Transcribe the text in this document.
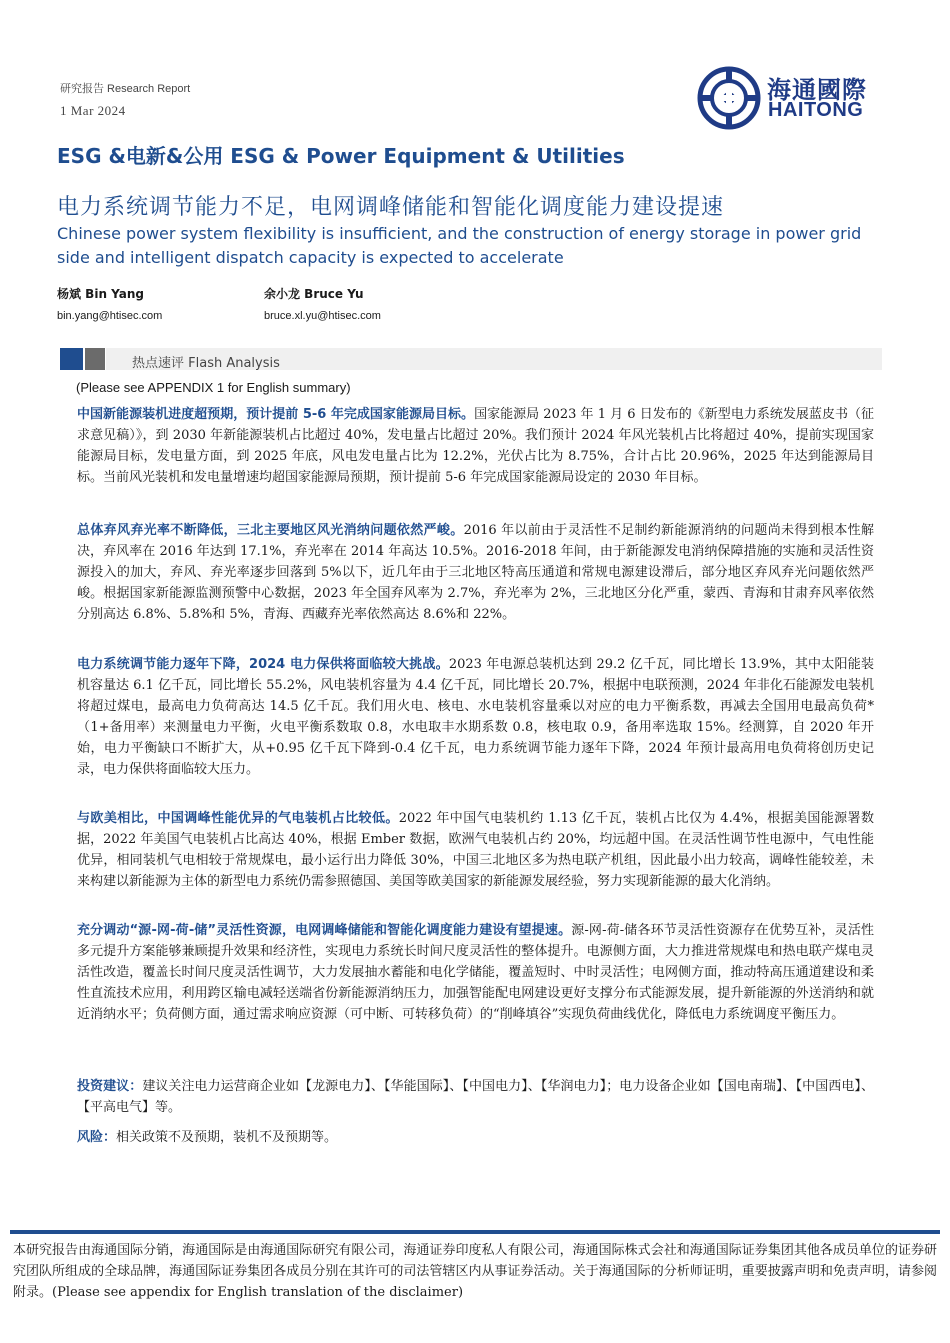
研究报告 Research Report
1 Mar 2024
海通國際
HAITONG
ESG &电新&公用 ESG & Power Equipment & Utilities
电力系统调节能力不足，电网调峰储能和智能化调度能力建设提速
Chinese power system flexibility is insufficient, and the construction of energy storage in power grid side and intelligent dispatch capacity is expected to accelerate
杨斌 Bin Yang
bin.yang@htisec.com
余小龙 Bruce Yu
bruce.xl.yu@htisec.com
热点速评 Flash Analysis
(Please see APPENDIX 1 for English summary)
中国新能源装机进度超预期，预计提前 5-6 年完成国家能源局目标。国家能源局 2023 年 1 月 6 日发布的《新型电力系统发展蓝皮书（征求意见稿）》，到 2030 年新能源装机占比超过 40%，发电量占比超过 20%。我们预计 2024 年风光装机占比将超过 40%，提前实现国家能源局目标，发电量方面，到 2025 年底，风电发电量占比为 12.2%，光伏占比为 8.75%，合计占比 20.96%，2025 年达到能源局目标。当前风光装机和发电量增速均超国家能源局预期，预计提前 5-6 年完成国家能源局设定的 2030 年目标。
总体弃风弃光率不断降低，三北主要地区风光消纳问题依然严峻。2016 年以前由于灵活性不足制约新能源消纳的问题尚未得到根本性解决，弃风率在 2016 年达到 17.1%，弃光率在 2014 年高达 10.5%。2016-2018 年间，由于新能源发电消纳保障措施的实施和灵活性资源投入的加大，弃风、弃光率逐步回落到 5%以下，近几年由于三北地区特高压通道和常规电源建设滞后，部分地区弃风弃光问题依然严峻。根据国家新能源监测预警中心数据，2023 年全国弃风率为 2.7%，弃光率为 2%，三北地区分化严重，蒙西、青海和甘肃弃风率依然分别高达 6.8%、5.8%和 5%，青海、西藏弃光率依然高达 8.6%和 22%。
电力系统调节能力逐年下降，2024 电力保供将面临较大挑战。2023 年电源总装机达到 29.2 亿千瓦，同比增长 13.9%，其中太阳能装机容量达 6.1 亿千瓦，同比增长 55.2%，风电装机容量为 4.4 亿千瓦，同比增长 20.7%，根据中电联预测，2024 年非化石能源发电装机将超过煤电，最高电力负荷高达 14.5 亿千瓦。我们用火电、核电、水电装机容量乘以对应的电力平衡系数，再减去全国用电最高负荷*（1+备用率）来测量电力平衡，火电平衡系数取 0.8，水电取丰水期系数 0.8，核电取 0.9，备用率选取 15%。经测算，自 2020 年开始，电力平衡缺口不断扩大，从+0.95 亿千瓦下降到-0.4 亿千瓦，电力系统调节能力逐年下降，2024 年预计最高用电负荷将创历史记录，电力保供将面临较大压力。
与欧美相比，中国调峰性能优异的气电装机占比较低。2022 年中国气电装机约 1.13 亿千瓦，装机占比仅为 4.4%，根据美国能源署数据，2022 年美国气电装机占比高达 40%，根据 Ember 数据，欧洲气电装机占约 20%，均远超中国。在灵活性调节性电源中，气电性能优异，相同装机气电相较于常规煤电，最小运行出力降低 30%，中国三北地区多为热电联产机组，因此最小出力较高，调峰性能较差，未来构建以新能源为主体的新型电力系统仍需参照德国、美国等欧美国家的新能源发展经验，努力实现新能源的最大化消纳。
充分调动“源-网-荷-储”灵活性资源，电网调峰储能和智能化调度能力建设有望提速。源-网-荷-储各环节灵活性资源存在优势互补，灵活性多元提升方案能够兼顾提升效果和经济性，实现电力系统长时间尺度灵活性的整体提升。电源侧方面，大力推进常规煤电和热电联产煤电灵活性改造，覆盖长时间尺度灵活性调节，大力发展抽水蓄能和电化学储能，覆盖短时、中时灵活性；电网侧方面，推动特高压通道建设和柔性直流技术应用，利用跨区输电减轻送端省份新能源消纳压力，加强智能配电网建设更好支撑分布式能源发展，提升新能源的外送消纳和就近消纳水平；负荷侧方面，通过需求响应资源（可中断、可转移负荷）的“削峰填谷”实现负荷曲线优化，降低电力系统调度平衡压力。
投资建议：建议关注电力运营商企业如【龙源电力】、【华能国际】、【中国电力】、【华润电力】；电力设备企业如【国电南瑞】、【中国西电】、【平高电气】等。
风险：相关政策不及预期，装机不及预期等。
本研究报告由海通国际分销，海通国际是由海通国际研究有限公司，海通证券印度私人有限公司，海通国际株式会社和海通国际证券集团其他各成员单位的证券研究团队所组成的全球品牌，海通国际证券集团各成员分别在其许可的司法管辖区内从事证券活动。关于海通国际的分析师证明，重要披露声明和免责声明，请参阅附录。(Please see appendix for English translation of the disclaimer)
